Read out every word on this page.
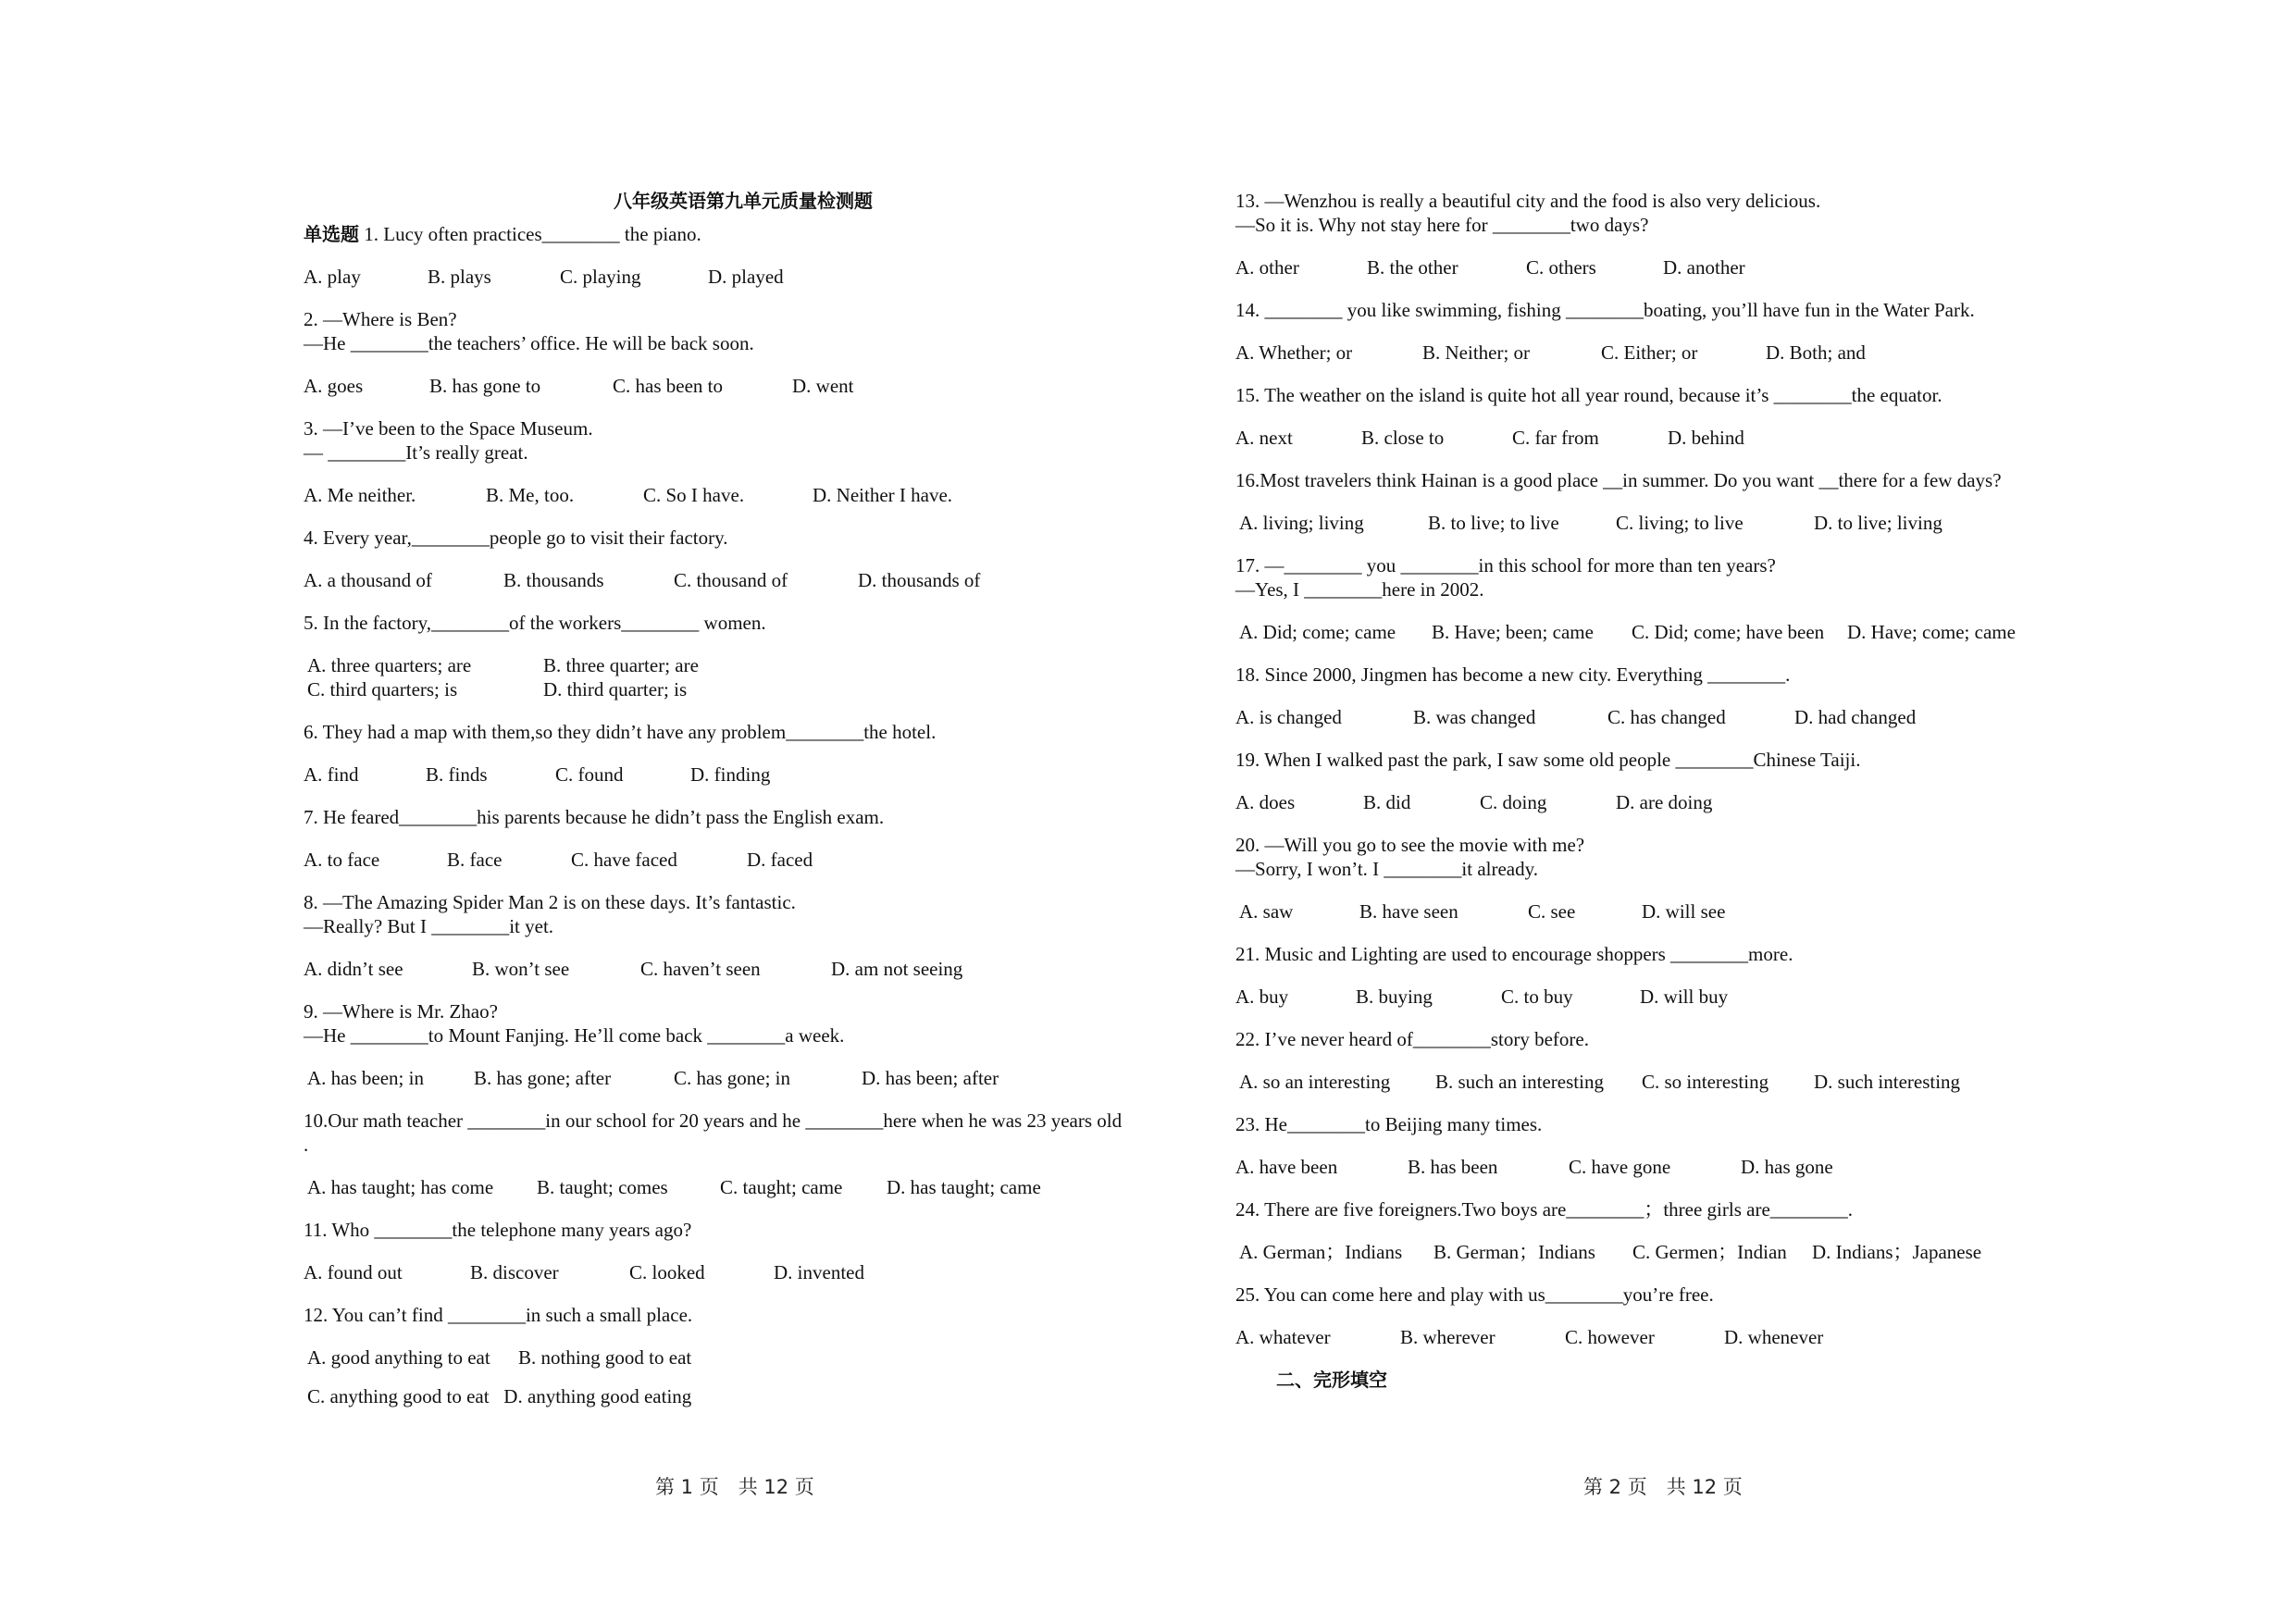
八年级英语第九单元质量检测题
单选题 1. Lucy often practices________ the piano.
A. play	B. plays	C. playing	D. played
2. —Where is Ben?
—He ________the teachers’ office. He will be back soon.
A. goes	B. has gone to	C. has been to	D. went
3. —I’ve been to the Space Museum.
— ________It’s really great.
A. Me neither.	B. Me, too.	C. So I have.	D. Neither I have.
4. Every year,________people go to visit their factory.
A. a thousand of	B. thousands	C. thousand of	D. thousands of
5. In the factory,________of the workers________ women.
A. three quarters; are	B. three quarter; are
C. third quarters; is	D. third quarter; is
6. They had a map with them,so they didn’t have any problem________the hotel.
A. find	B. finds	C. found	D. finding
7. He feared________his parents because he didn’t pass the English exam.
A. to face	B. face	C. have faced	D. faced
8. —The Amazing Spider Man 2 is on these days. It’s fantastic.
—Really? But I ________it yet.
A. didn’t see	B. won’t see	C. haven’t seen	D. am not seeing
9. —Where is Mr. Zhao?
—He ________to Mount Fanjing. He’ll come back ________a week.
A. has been; in	B. has gone; after	C. has gone; in	D. has been; after
10.Our math teacher ________in our school for 20 years and he ________here when he was 23 years old
.
A. has taught; has come B. taught; comes	C. taught; came D. has taught; came
11. Who ________the telephone many years ago?
A. found out	B. discover	C. looked	D. invented
12. You can’t find ________in such a small place.
A. good anything to eat B. nothing good to eat
C. anything good to eat   D. anything good eating
13. —Wenzhou is really a beautiful city and the food is also very delicious.
—So it is. Why not stay here for ________two days?
A. other	B. the other	C. others	D. another
14. ________ you like swimming, fishing ________boating, you’ll have fun in the Water Park.
A. Whether; or	B. Neither; or	C. Either; or	D. Both; and
15. The weather on the island is quite hot all year round, because it’s ________the equator.
A. next	B. close to	C. far from	D. behind
16.Most travelers think Hainan is a good place __in summer. Do you want __there for a few days?
A. living; living	B. to live; to live	C. living; to live	D. to live; living
17. —________ you ________in this school for more than ten years?
—Yes, I ________here in 2002.
A. Did; come; came B. Have; been; came C. Did; come; have been D. Have; come; came
18. Since 2000, Jingmen has become a new city. Everything ________.
A. is changed	B. was changed	C. has changed	D. had changed
19. When I walked past the park, I saw some old people ________Chinese Taiji.
A. does	B. did	C. doing	D. are doing
20. —Will you go to see the movie with me?
—Sorry, I won’t. I ________it already.
A. saw	B. have seen	C. see	D. will see
21. Music and Lighting are used to encourage shoppers ________more.
A. buy	B. buying	C. to buy	D. will buy
22. I’ve never heard of________story before.
A. so an interesting B. such an interesting C. so interesting D. such interesting
23. He________to Beijing many times.
A. have been	B. has been	C. have gone	D. has gone
24. There are five foreigners.Two boys are________；three girls are________.
A. German；Indians B. German；Indians C. Germen；Indian D. Indians；Japanese
25. You can come here and play with us________you’re free.
A. whatever	B. wherever	C. however	D. whenever
二、完形填空
第 1 页　共 12 页	第 2 页　共 12 页
